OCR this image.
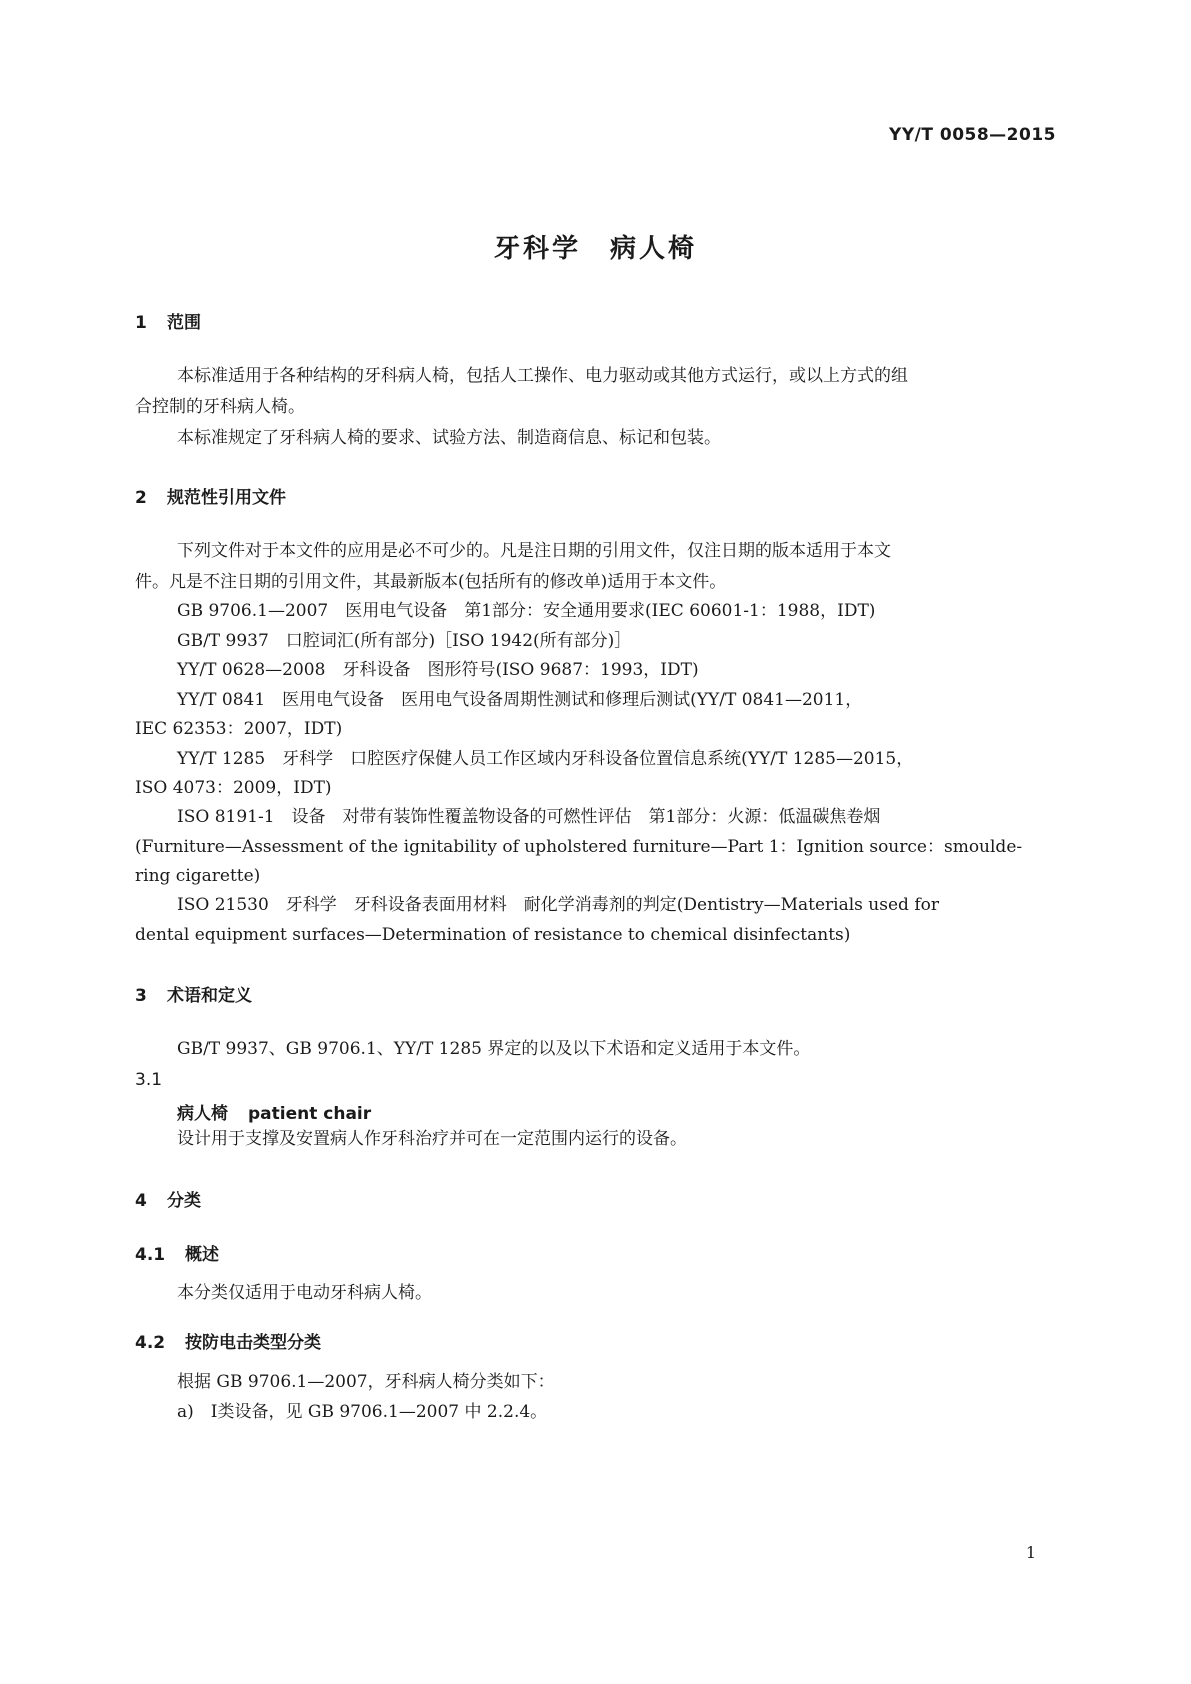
YY/T 0058—2015
牙科学　病人椅
1 范围
本标准适用于各种结构的牙科病人椅，包括人工操作、电力驱动或其他方式运行，或以上方式的组
合控制的牙科病人椅。
本标准规定了牙科病人椅的要求、试验方法、制造商信息、标记和包装。
2 规范性引用文件
下列文件对于本文件的应用是必不可少的。凡是注日期的引用文件，仅注日期的版本适用于本文
件。凡是不注日期的引用文件，其最新版本(包括所有的修改单)适用于本文件。
GB 9706.1—2007　医用电气设备　第1部分：安全通用要求(IEC 60601-1：1988，IDT)
GB/T 9937　口腔词汇(所有部分)［ISO 1942(所有部分)］
YY/T 0628—2008　牙科设备　图形符号(ISO 9687：1993，IDT)
YY/T 0841　医用电气设备　医用电气设备周期性测试和修理后测试(YY/T 0841—2011，
IEC 62353：2007，IDT)
YY/T 1285　牙科学　口腔医疗保健人员工作区域内牙科设备位置信息系统(YY/T 1285—2015，
ISO 4073：2009，IDT)
ISO 8191-1　设备　对带有装饰性覆盖物设备的可燃性评估　第1部分：火源：低温碳焦卷烟
(Furniture—Assessment of the ignitability of upholstered furniture—Part 1：Ignition source：smoulde-
ring cigarette)
ISO 21530　牙科学　牙科设备表面用材料　耐化学消毒剂的判定(Dentistry—Materials used for
dental equipment surfaces—Determination of resistance to chemical disinfectants)
3 术语和定义
GB/T 9937、GB 9706.1、YY/T 1285 界定的以及以下术语和定义适用于本文件。
3.1
病人椅 patient chair
设计用于支撑及安置病人作牙科治疗并可在一定范围内运行的设备。
4 分类
4.1 概述
本分类仅适用于电动牙科病人椅。
4.2 按防电击类型分类
根据 GB 9706.1—2007，牙科病人椅分类如下：
a)　Ⅰ类设备，见 GB 9706.1—2007 中 2.2.4。
1
